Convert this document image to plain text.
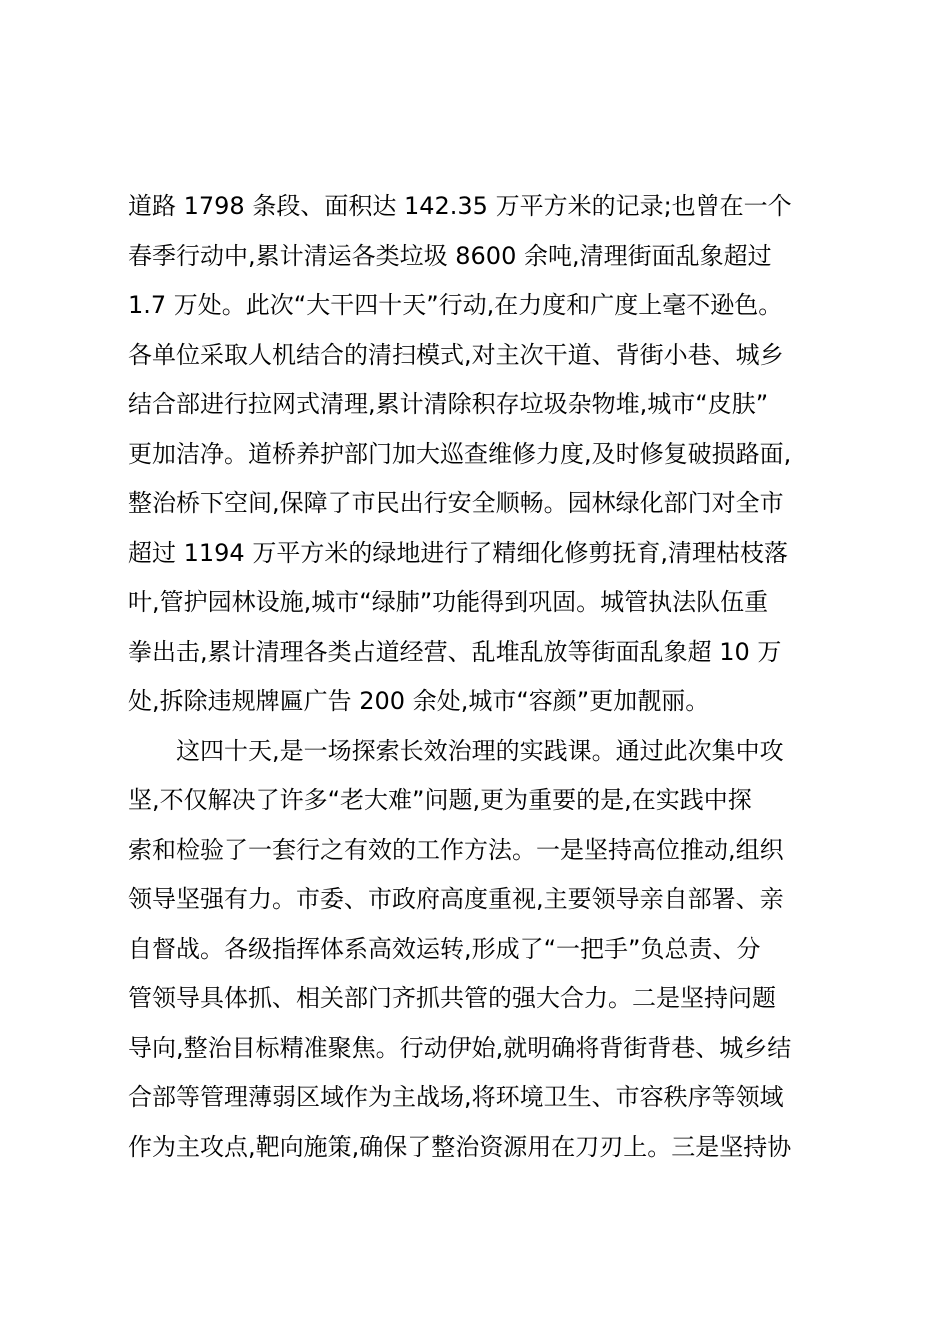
道路 1798 条段、面积达 142.35 万平方米的记录;也曾在一个
春季行动中,累计清运各类垃圾 8600 余吨,清理街面乱象超过
1.7 万处。此次“大干四十天”行动,在力度和广度上毫不逊色。
各单位采取人机结合的清扫模式,对主次干道、背街小巷、城乡
结合部进行拉网式清理,累计清除积存垃圾杂物堆,城市“皮肤”
更加洁净。道桥养护部门加大巡查维修力度,及时修复破损路面,
整治桥下空间,保障了市民出行安全顺畅。园林绿化部门对全市
超过 1194 万平方米的绿地进行了精细化修剪抚育,清理枯枝落
叶,管护园林设施,城市“绿肺”功能得到巩固。城管执法队伍重
拳出击,累计清理各类占道经营、乱堆乱放等街面乱象超 10 万
处,拆除违规牌匾广告 200 余处,城市“容颜”更加靓丽。
这四十天,是一场探索长效治理的实践课。通过此次集中攻
坚,不仅解决了许多“老大难”问题,更为重要的是,在实践中探
索和检验了一套行之有效的工作方法。一是坚持高位推动,组织
领导坚强有力。市委、市政府高度重视,主要领导亲自部署、亲
自督战。各级指挥体系高效运转,形成了“一把手”负总责、分
管领导具体抓、相关部门齐抓共管的强大合力。二是坚持问题
导向,整治目标精准聚焦。行动伊始,就明确将背街背巷、城乡结
合部等管理薄弱区域作为主战场,将环境卫生、市容秩序等领域
作为主攻点,靶向施策,确保了整治资源用在刀刃上。三是坚持协
